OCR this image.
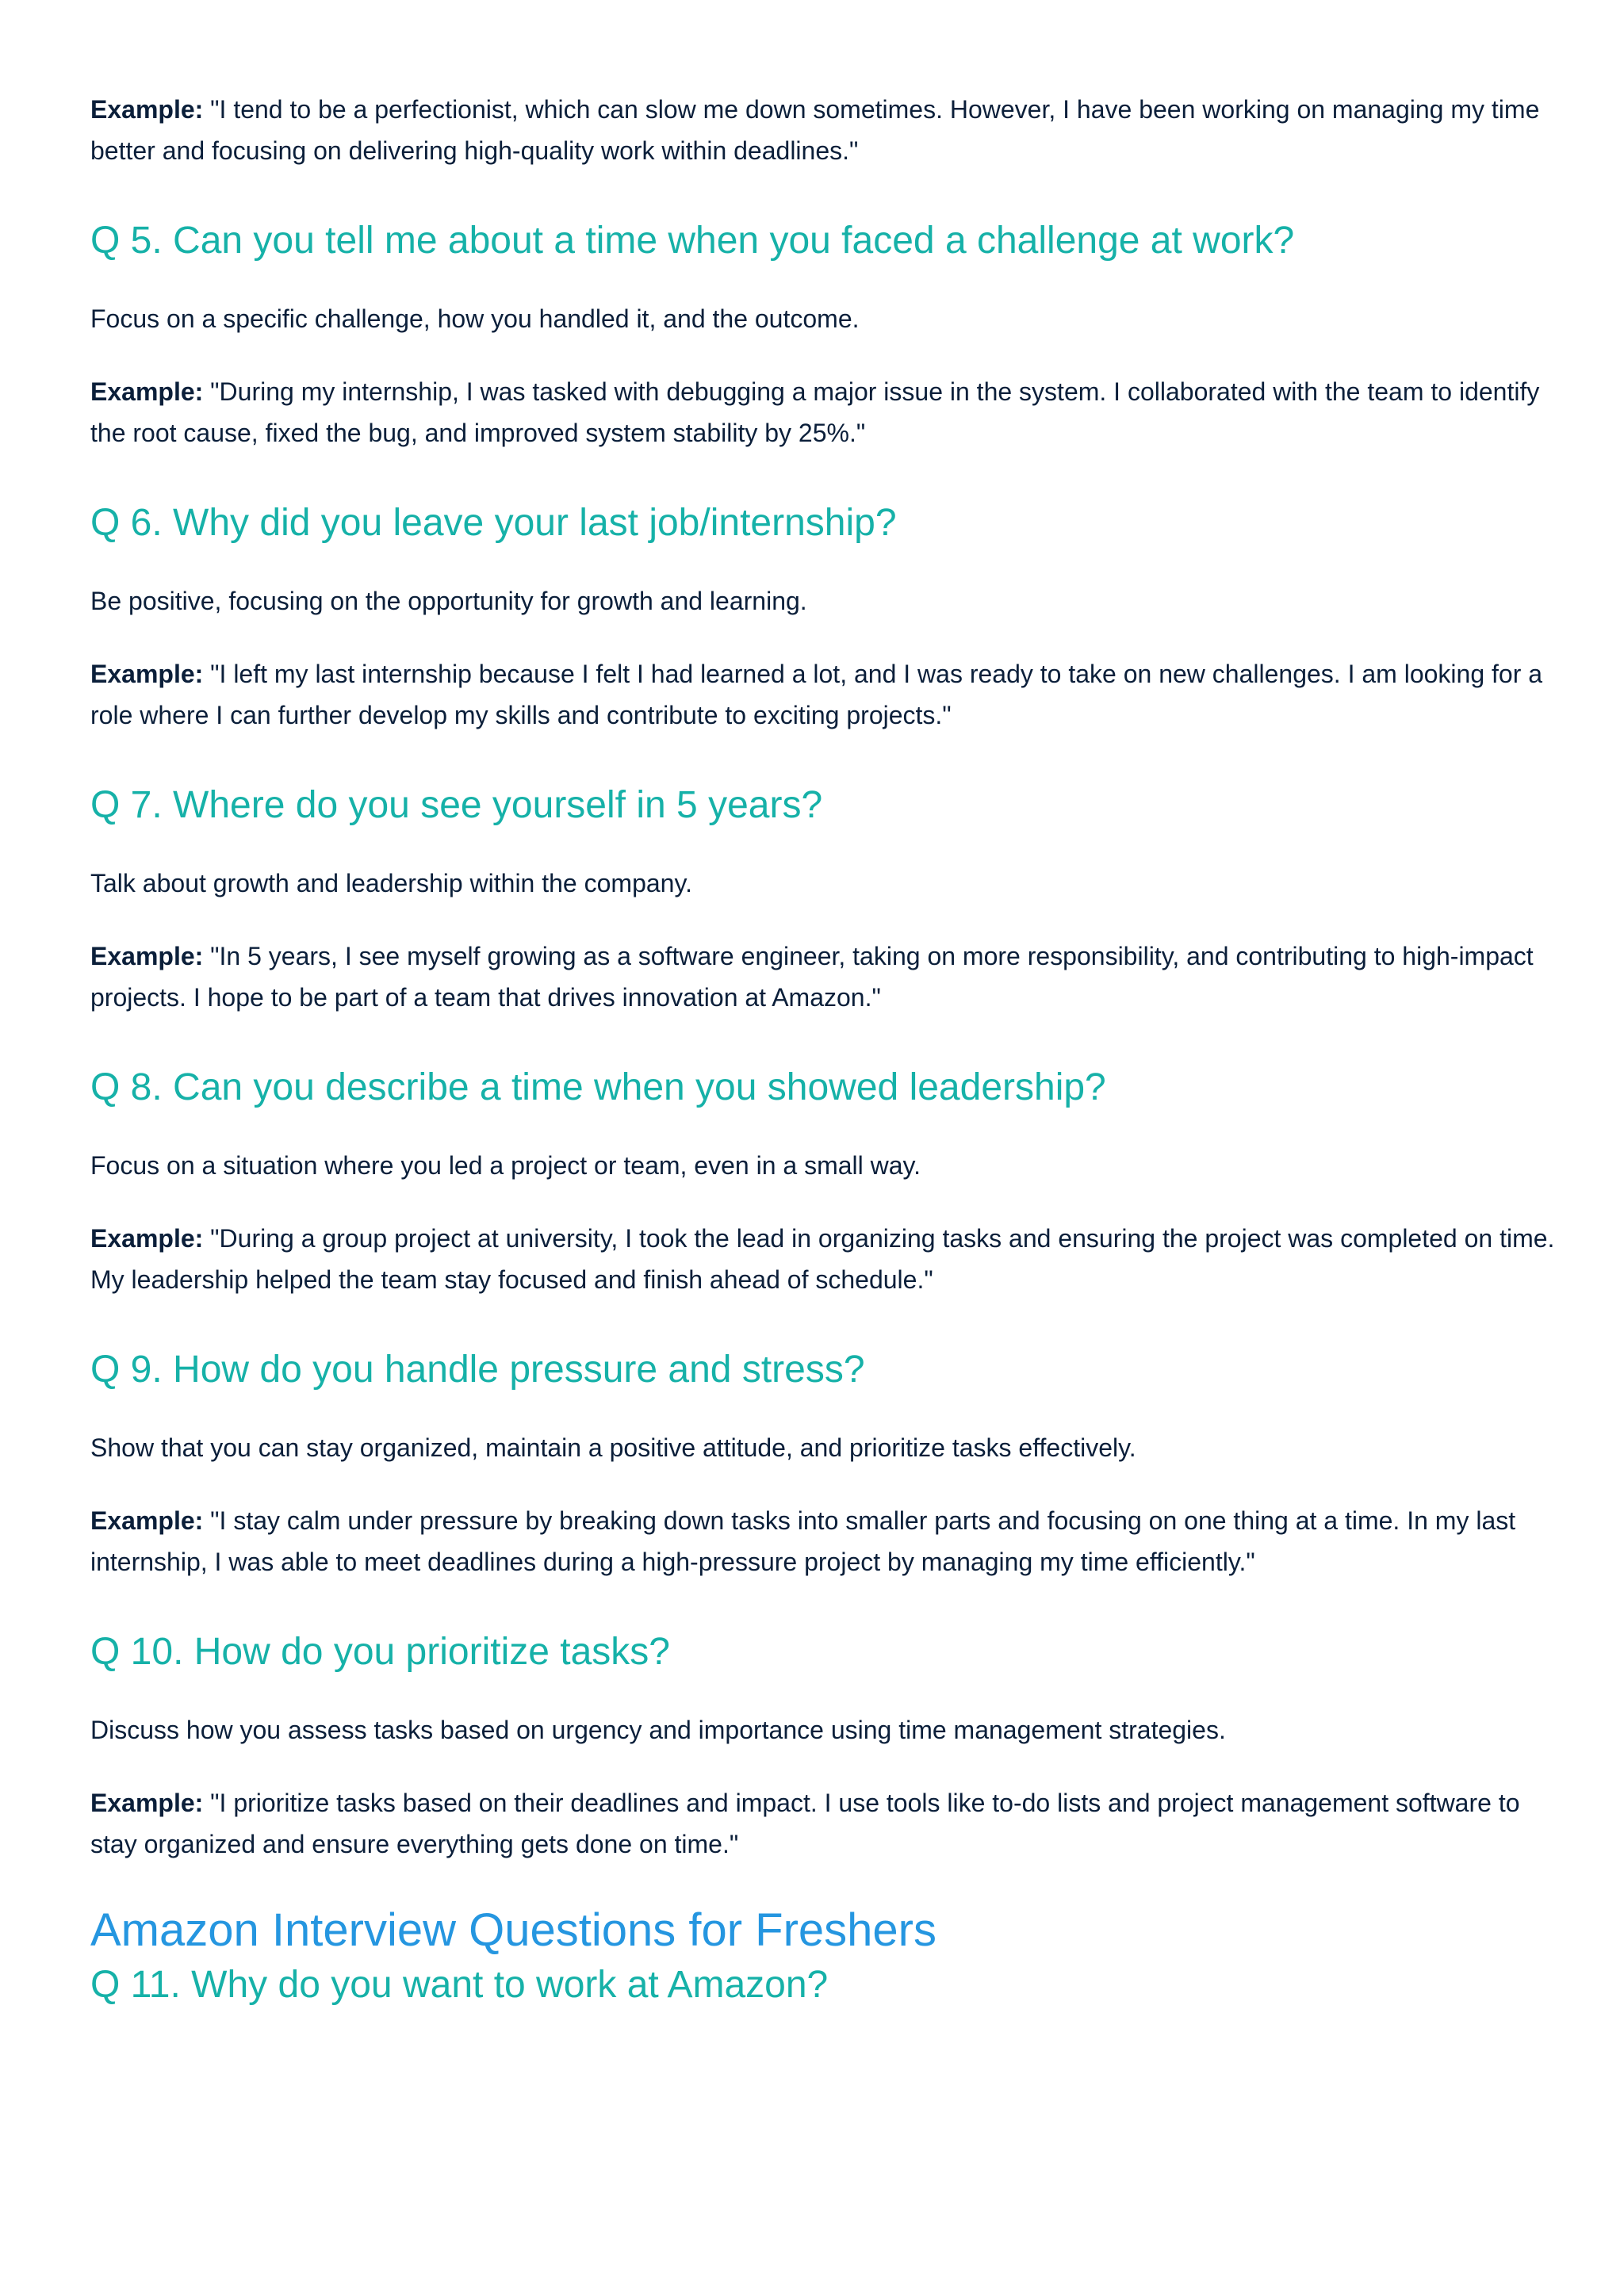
Example: "I tend to be a perfectionist, which can slow me down sometimes. However, I have been working on managing my time better and focusing on delivering high-quality work within deadlines."

Q 5. Can you tell me about a time when you faced a challenge at work?

Focus on a specific challenge, how you handled it, and the outcome.

Example: "During my internship, I was tasked with debugging a major issue in the system. I collaborated with the team to identify the root cause, fixed the bug, and improved system stability by 25%."

Q 6. Why did you leave your last job/internship?

Be positive, focusing on the opportunity for growth and learning.

Example: "I left my last internship because I felt I had learned a lot, and I was ready to take on new challenges. I am looking for a role where I can further develop my skills and contribute to exciting projects."

Q 7. Where do you see yourself in 5 years?

Talk about growth and leadership within the company.

Example: "In 5 years, I see myself growing as a software engineer, taking on more responsibility, and contributing to high-impact projects. I hope to be part of a team that drives innovation at Amazon."

Q 8. Can you describe a time when you showed leadership?

Focus on a situation where you led a project or team, even in a small way.

Example: "During a group project at university, I took the lead in organizing tasks and ensuring the project was completed on time. My leadership helped the team stay focused and finish ahead of schedule."

Q 9. How do you handle pressure and stress?

Show that you can stay organized, maintain a positive attitude, and prioritize tasks effectively.

Example: "I stay calm under pressure by breaking down tasks into smaller parts and focusing on one thing at a time. In my last internship, I was able to meet deadlines during a high-pressure project by managing my time efficiently."

Q 10. How do you prioritize tasks?

Discuss how you assess tasks based on urgency and importance using time management strategies.

Example: "I prioritize tasks based on their deadlines and impact. I use tools like to-do lists and project management software to stay organized and ensure everything gets done on time."

Amazon Interview Questions for Freshers
Q 11. Why do you want to work at Amazon?
